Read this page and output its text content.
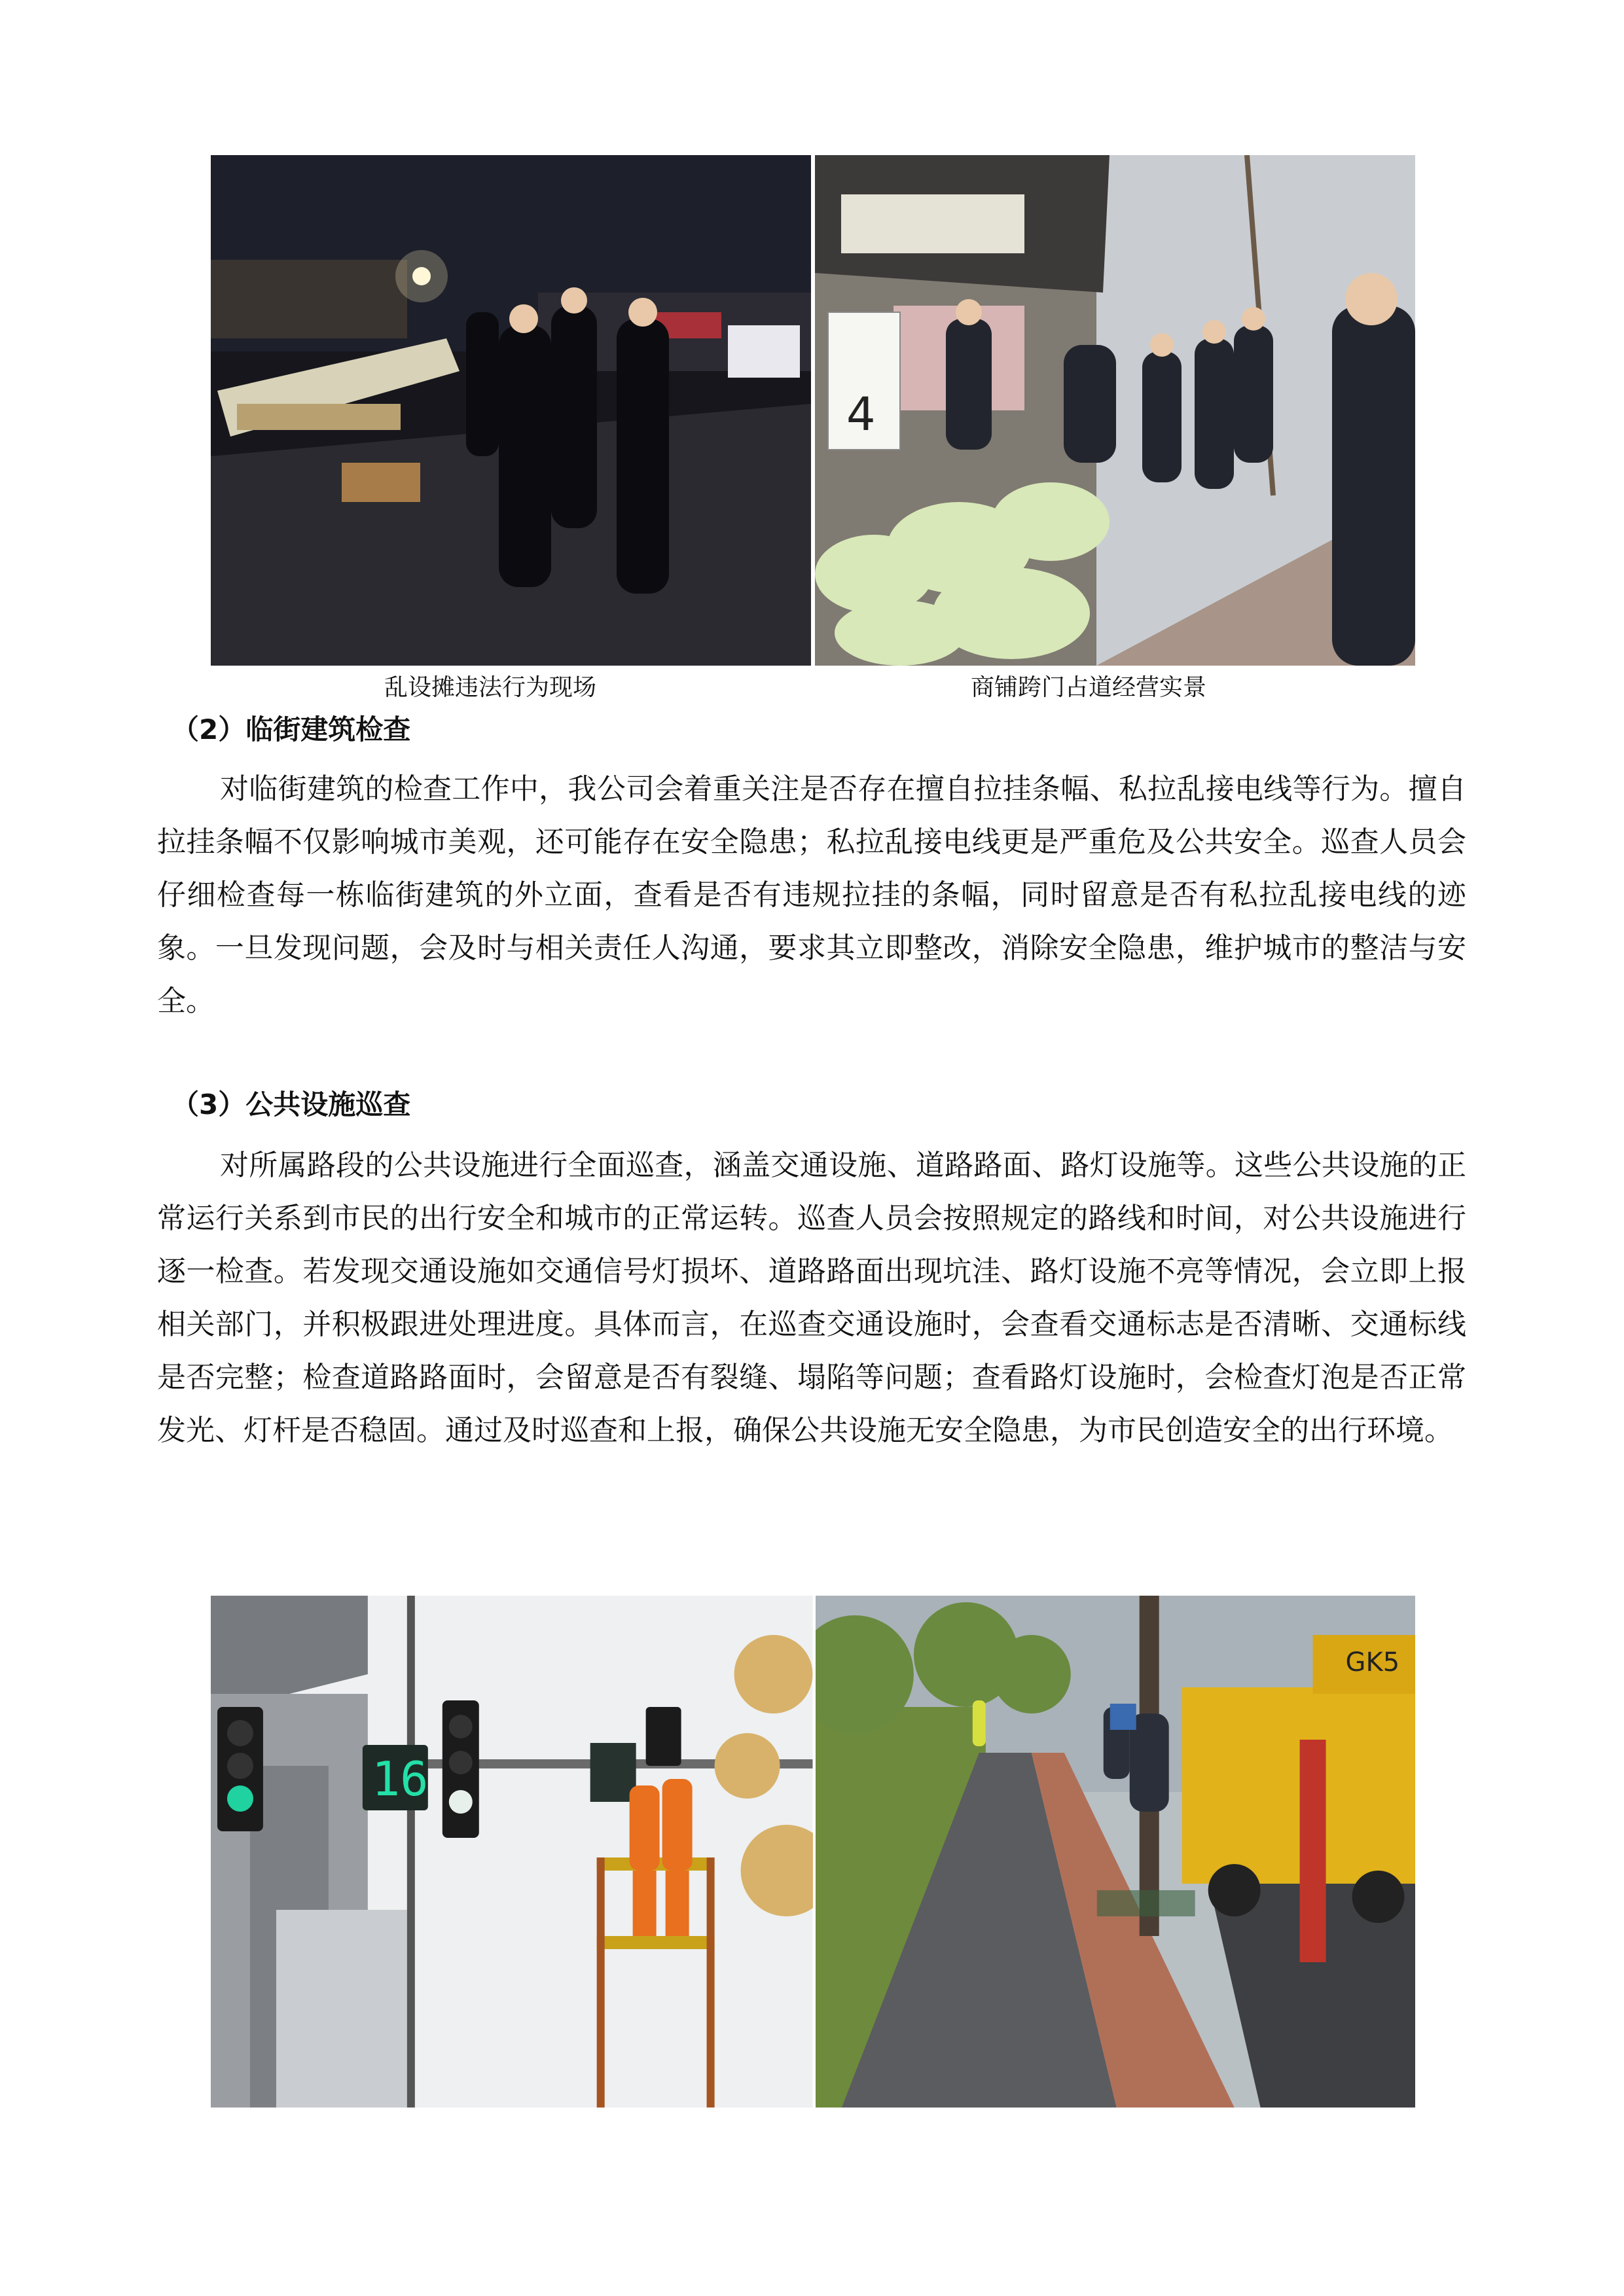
4
乱设摊违法行为现场	商铺跨门占道经营实景
（2）临街建筑检查
对临街建筑的检查工作中，我公司会着重关注是否存在擅自拉挂条幅、私拉乱接电线等行为。擅自拉挂条幅不仅影响城市美观，还可能存在安全隐患；私拉乱接电线更是严重危及公共安全。巡查人员会仔细检查每一栋临街建筑的外立面，查看是否有违规拉挂的条幅，同时留意是否有私拉乱接电线的迹象。一旦发现问题，会及时与相关责任人沟通，要求其立即整改，消除安全隐患，维护城市的整洁与安全。
（3）公共设施巡查
对所属路段的公共设施进行全面巡查，涵盖交通设施、道路路面、路灯设施等。这些公共设施的正常运行关系到市民的出行安全和城市的正常运转。巡查人员会按照规定的路线和时间，对公共设施进行逐一检查。若发现交通设施如交通信号灯损坏、道路路面出现坑洼、路灯设施不亮等情况，会立即上报相关部门，并积极跟进处理进度。具体而言，在巡查交通设施时，会查看交通标志是否清晰、交通标线是否完整；检查道路路面时，会留意是否有裂缝、塌陷等问题；查看路灯设施时，会检查灯泡是否正常发光、灯杆是否稳固。通过及时巡查和上报，确保公共设施无安全隐患，为市民创造安全的出行环境。
16
GK5
